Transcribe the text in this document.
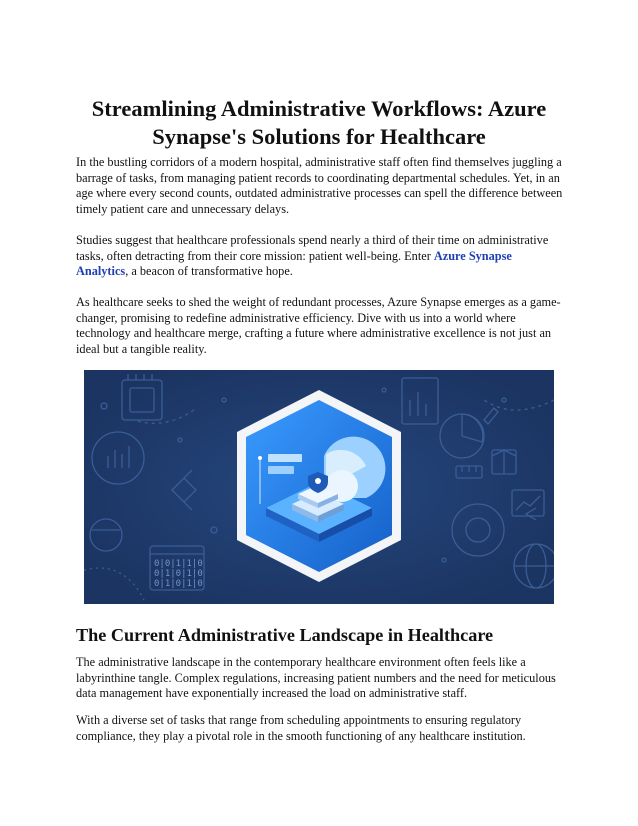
Streamlining Administrative Workflows: Azure Synapse's Solutions for Healthcare

In the bustling corridors of a modern hospital, administrative staff often find themselves juggling a barrage of tasks, from managing patient records to coordinating departmental schedules. Yet, in an age where every second counts, outdated administrative processes can spell the difference between timely patient care and unnecessary delays.

Studies suggest that healthcare professionals spend nearly a third of their time on administrative tasks, often detracting from their core mission: patient well-being. Enter Azure Synapse Analytics, a beacon of transformative hope.

As healthcare seeks to shed the weight of redundant processes, Azure Synapse emerges as a game-changer, promising to redefine administrative efficiency. Dive with us into a world where technology and healthcare merge, crafting a future where administrative excellence is not just an ideal but a tangible reality.

0|0|1|1|0
0|1|0|1|0
0|1|0|1|0
The Current Administrative Landscape in Healthcare

The administrative landscape in the contemporary healthcare environment often feels like a labyrinthine tangle. Complex regulations, increasing patient numbers and the need for meticulous data management have exponentially increased the load on administrative staff.

With a diverse set of tasks that range from scheduling appointments to ensuring regulatory compliance, they play a pivotal role in the smooth functioning of any healthcare institution.
